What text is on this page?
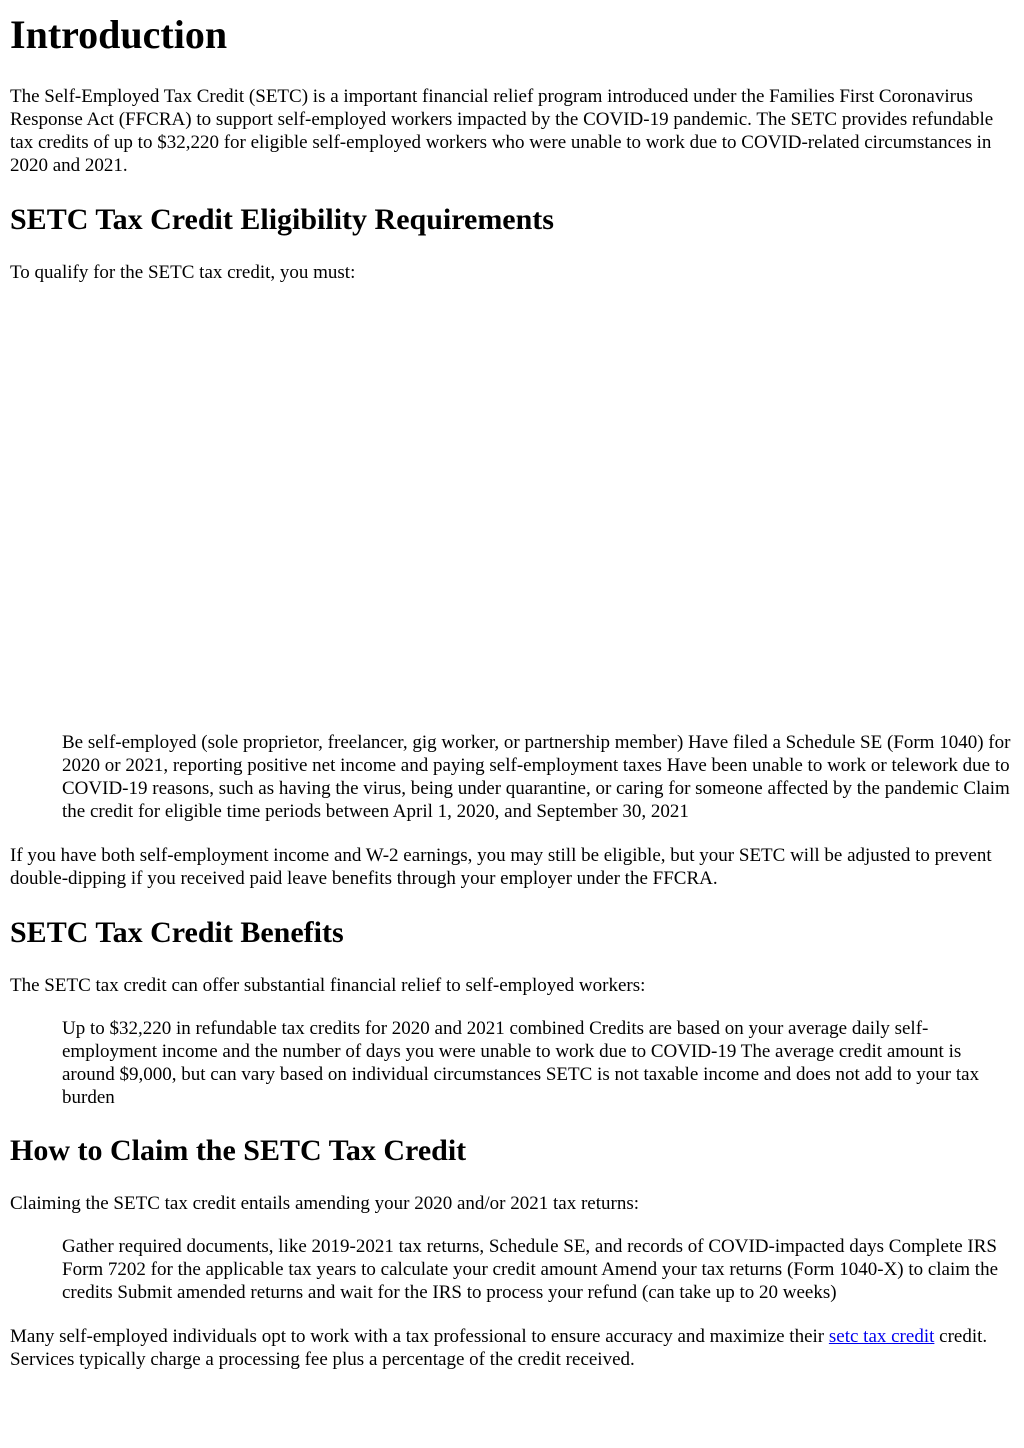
Introduction

The Self-Employed Tax Credit (SETC) is a important financial relief program introduced under the Families First Coronavirus Response Act (FFCRA) to support self-employed workers impacted by the COVID-19 pandemic. The SETC provides refundable tax credits of up to $32,220 for eligible self-employed workers who were unable to work due to COVID-related circumstances in 2020 and 2021.

SETC Tax Credit Eligibility Requirements

To qualify for the SETC tax credit, you must:

Be self-employed (sole proprietor, freelancer, gig worker, or partnership member) Have filed a Schedule SE (Form 1040) for 2020 or 2021, reporting positive net income and paying self-employment taxes Have been unable to work or telework due to COVID-19 reasons, such as having the virus, being under quarantine, or caring for someone affected by the pandemic Claim the credit for eligible time periods between April 1, 2020, and September 30, 2021

If you have both self-employment income and W-2 earnings, you may still be eligible, but your SETC will be adjusted to prevent double-dipping if you received paid leave benefits through your employer under the FFCRA.

SETC Tax Credit Benefits

The SETC tax credit can offer substantial financial relief to self-employed workers:

Up to $32,220 in refundable tax credits for 2020 and 2021 combined Credits are based on your average daily self-employment income and the number of days you were unable to work due to COVID-19 The average credit amount is around $9,000, but can vary based on individual circumstances SETC is not taxable income and does not add to your tax burden
How to Claim the SETC Tax Credit

Claiming the SETC tax credit entails amending your 2020 and/or 2021 tax returns:

Gather required documents, like 2019-2021 tax returns, Schedule SE, and records of COVID-impacted days Complete IRS Form 7202 for the applicable tax years to calculate your credit amount Amend your tax returns (Form 1040-X) to claim the credits Submit amended returns and wait for the IRS to process your refund (can take up to 20 weeks)

Many self-employed individuals opt to work with a tax professional to ensure accuracy and maximize their setc tax credit credit. Services typically charge a processing fee plus a percentage of the credit received.
